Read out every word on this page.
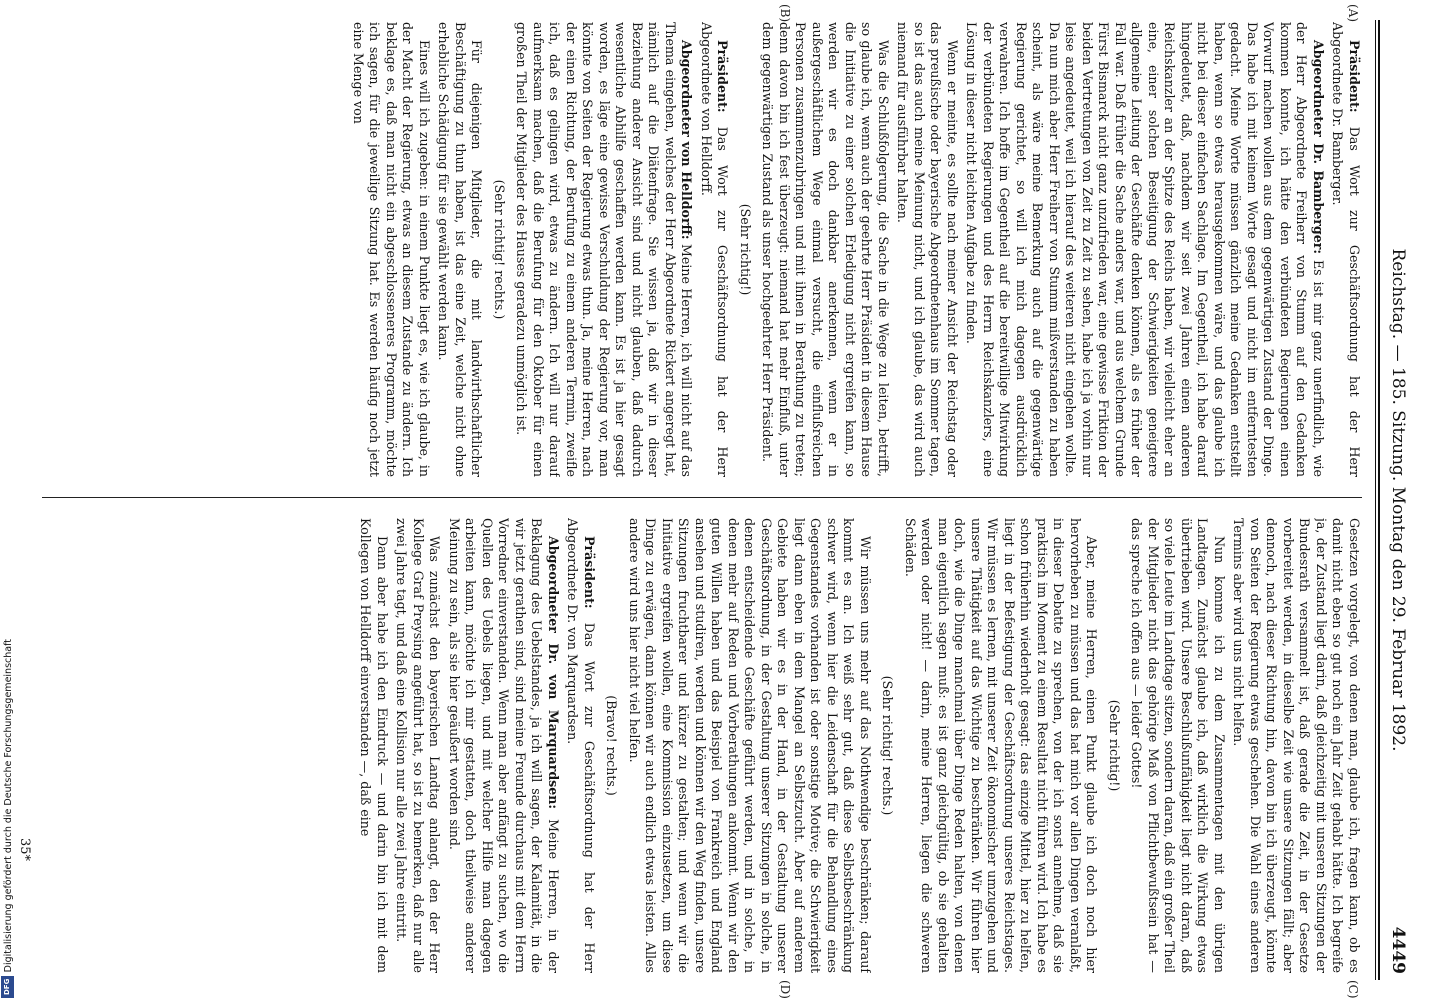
Reichstag. — 185. Sitzung. Montag den 29. Februar 1892.
4449
(A)
(B)
(C)
(D)

Präsident: Das Wort zur Geschäftsordnung hat der Herr Abgeordnete Dr. Bamberger.

Abgeordneter Dr. Bamberger: Es ist mir ganz unerfindlich, wie der Herr Abgeordnete Freiherr von Stumm auf den Gedanken kommen konnte, ich hätte den verbündeten Regierungen einen Vorwurf machen wollen aus dem gegenwärtigen Zustand der Dinge. Das habe ich mit keinem Worte gesagt und nicht im entferntesten gedacht. Meine Worte müssen gänzlich meine Gedanken entstellt haben, wenn so etwas herausgekommen wäre, und das glaube ich nicht bei dieser einfachen Sachlage. Im Gegentheil, ich habe darauf hingedeutet, daß, nachdem wir seit zwei Jahren einen anderen Reichskanzler an der Spitze des Reichs haben, wir vielleicht eher an eine, einer solchen Beseitigung der Schwierigkeiten geneigtere allgemeine Leitung der Geschäfte denken können, als es früher der Fall war. Daß früher die Sache anders war, und aus welchem Grunde Fürst Bismarck nicht ganz unzufrieden war, eine gewisse Friktion der beiden Vertretungen von Zeit zu Zeit zu sehen, habe ich ja vorhin nur leise angedeutet, weil ich hierauf des weiteren nicht eingehen wollte. Da nun mich aber Herr Freiherr von Stumm mißverstanden zu haben scheint, als wäre meine Bemerkung auch auf die gegenwärtige Regierung gerichtet, so will ich mich dagegen ausdrücklich verwahren. Ich hoffe im Gegentheil auf die bereitwillige Mitwirkung der verbündeten Regierungen und des Herrn Reichskanzlers, eine Lösung in dieser nicht leichten Aufgabe zu finden.

Wenn er meinte, es sollte nach meiner Ansicht der Reichstag oder das preußische oder bayerische Abgeordnetenhaus im Sommer tagen, so ist das auch meine Meinung nicht, und ich glaube, das wird auch niemand für ausführbar halten.

Was die Schlußfolgerung, die Sache in die Wege zu leiten, betrifft, so glaube ich, wenn auch der geehrte Herr Präsident in diesem Hause die Initiative zu einer solchen Erledigung nicht ergreifen kann, so werden wir es doch dankbar anerkennen, wenn er in außergeschäftlichem Wege einmal versucht, die einflußreichen Personen zusammenzubringen und mit ihnen in Berathung zu treten; denn davon bin ich fest überzeugt: niemand hat mehr Einfluß, unter dem gegenwärtigen Zustand als unser hochgeehrter Herr Präsident.

(Sehr richtig!)

Präsident: Das Wort zur Geschäftsordnung hat der Herr Abgeordnete von Helldorff.

Abgeordneter von Helldorff: Meine Herren, ich will nicht auf das Thema eingehen, welches der Herr Abgeordnete Rickert angeregt hat, nämlich auf die Diätenfrage. Sie wissen ja, daß wir in dieser Beziehung anderer Ansicht sind und nicht glauben, daß dadurch wesentliche Abhilfe geschaffen werden kann. Es ist ja hier gesagt worden, es läge eine gewisse Verschuldung der Regierung vor, man könnte von Seiten der Regierung etwas thun. Ja, meine Herren, nach der einen Richtung, der Berufung zu einem anderen Termin, zweifle ich, daß es gelingen wird, etwas zu ändern. Ich will nur darauf aufmerksam machen, daß die Berufung für den Oktober für einen großen Theil der Mitglieder des Hauses geradezu unmöglich ist.

(Sehr richtig! rechts.)

Für diejenigen Mitglieder, die mit landwirthschaftlicher Beschäftigung zu thun haben, ist das eine Zeit, welche nicht ohne erhebliche Schädigung für sie gewählt werden kann.

Eines will ich zugeben: in einem Punkte liegt es, wie ich glaube, in der Macht der Regierung, etwas an diesem Zustande zu ändern. Ich beklage es, daß man nicht ein abgeschlosseneres Programm, möchte ich sagen, für die jeweilige Sitzung hat. Es werden häufig noch jetzt eine Menge von

Gesetzen vorgelegt, von denen man, glaube ich, fragen kann, ob es damit nicht eben so gut noch ein Jahr Zeit gehabt hätte. Ich begreife ja, der Zustand liegt darin, daß gleichzeitig mit unseren Sitzungen der Bundesrath versammelt ist, daß gerade die Zeit, in der Gesetze vorbereitet werden, in dieselbe Zeit wie unsere Sitzungen fällt; aber dennoch, nach dieser Richtung hin, davon bin ich überzeugt, könnte von Seiten der Regierung etwas geschehen. Die Wahl eines anderen Termins aber wird uns nicht helfen.

Nun komme ich zu dem Zusammentagen mit den übrigen Landtagen. Zunächst glaube ich, daß wirklich die Wirkung etwas übertrieben wird. Unsere Beschlußunfähigkeit liegt nicht daran, daß so viele Leute im Landtage sitzen, sondern daran, daß ein großer Theil der Mitglieder nicht das gehörige Maß von Pflichtbewußtsein hat — das spreche ich offen aus — leider Gottes!

(Sehr richtig!)

Aber, meine Herren, einen Punkt glaube ich doch noch hier hervorheben zu müssen und das hat mich vor allen Dingen veranlaßt, in dieser Debatte zu sprechen, von der ich sonst annehme, daß sie praktisch im Moment zu einem Resultat nicht führen wird. Ich habe es schon früherhin wiederholt gesagt: das einzige Mittel, hier zu helfen, liegt in der Befestigung der Geschäftsordnung unseres Reichstages. Wir müssen es lernen, mit unserer Zeit ökonomischer umzugehen und unsere Thätigkeit auf das Wichtige zu beschränken. Wir führen hier doch, wie die Dinge manchmal über Dinge Reden halten, von denen man eigentlich sagen muß: es ist ganz gleichgültig, ob sie gehalten werden oder nicht! — darin, meine Herren, liegen die schweren Schäden.

(Sehr richtig! rechts.)

Wir müssen uns mehr auf das Nothwendige beschränken; darauf kommt es an. Ich weiß sehr gut, daß diese Selbstbeschränkung schwer wird, wenn hier die Leidenschaft für die Behandlung eines Gegenstandes vorhanden ist oder sonstige Motive; die Schwierigkeit liegt dann eben in dem Mangel an Selbstzucht. Aber auf anderem Gebiete haben wir es in der Hand, in der Gestaltung unserer Geschäftsordnung, in der Gestaltung unserer Sitzungen in solche, in denen entscheidende Geschäfte geführt werden, und in solche, in denen mehr auf Reden und Vorberathungen ankommt. Wenn wir den guten Willen haben und das Beispiel von Frankreich und England ansehen und studiren, werden und können wir den Weg finden, unsere Sitzungen fruchtbarer und kürzer zu gestalten; und wenn wir die Initiative ergreifen wollen, eine Kommission einzusetzen, um diese Dinge zu erwägen, dann können wir auch endlich etwas leisten. Alles andere wird uns hier nicht viel helfen.

(Bravo! rechts.)

Präsident: Das Wort zur Geschäftsordnung hat der Herr Abgeordnete Dr. von Marquardsen.

Abgeordneter Dr. von Marquardsen: Meine Herren, in der Beklagung des Uebelstandes, ja ich will sagen, der Kalamität, in die wir jetzt gerathen sind, sind meine Freunde durchaus mit dem Herrn Vorredner einverstanden. Wenn man aber anfängt zu suchen, wo die Quellen des Uebels liegen, und mit welcher Hilfe man dagegen arbeiten kann, möchte ich mir gestatten, doch theilweise anderer Meinung zu sein, als sie hier geäußert worden sind.

Was zunächst den bayerischen Landtag anlangt, den der Herr Kollege Graf Preysing angeführt hat, so ist zu bemerken, daß nur alle zwei Jahre tagt, und daß eine Kollision nur alle zwei Jahre eintritt.

Dann aber habe ich den Eindruck — und darin bin ich mit dem Kollegen von Helldorff einverstanden —, daß eine

35*
Digitalisierung gefördert durch die Deutsche Forschungsgemeinschaft
DFG
